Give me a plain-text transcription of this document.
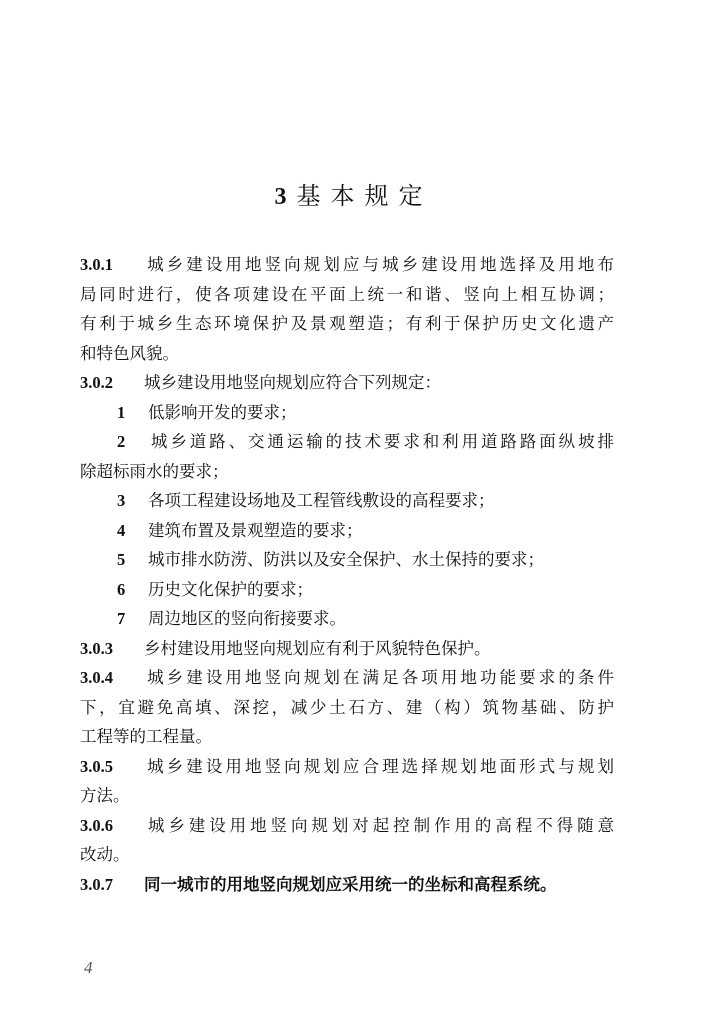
3 基本规定
3.0.1 城乡建设用地竖向规划应与城乡建设用地选择及用地布
局同时进行，使各项建设在平面上统一和谐、竖向上相互协调；
有利于城乡生态环境保护及景观塑造；有利于保护历史文化遗产
和特色风貌。
3.0.2 城乡建设用地竖向规划应符合下列规定：
1 低影响开发的要求；
2 城乡道路、交通运输的技术要求和利用道路路面纵坡排
除超标雨水的要求；
3 各项工程建设场地及工程管线敷设的高程要求；
4 建筑布置及景观塑造的要求；
5 城市排水防涝、防洪以及安全保护、水土保持的要求；
6 历史文化保护的要求；
7 周边地区的竖向衔接要求。
3.0.3 乡村建设用地竖向规划应有利于风貌特色保护。
3.0.4 城乡建设用地竖向规划在满足各项用地功能要求的条件
下，宜避免高填、深挖，减少土石方、建（构）筑物基础、防护
工程等的工程量。
3.0.5 城乡建设用地竖向规划应合理选择规划地面形式与规划
方法。
3.0.6 城乡建设用地竖向规划对起控制作用的高程不得随意
改动。
3.0.7 同一城市的用地竖向规划应采用统一的坐标和高程系统。
4
